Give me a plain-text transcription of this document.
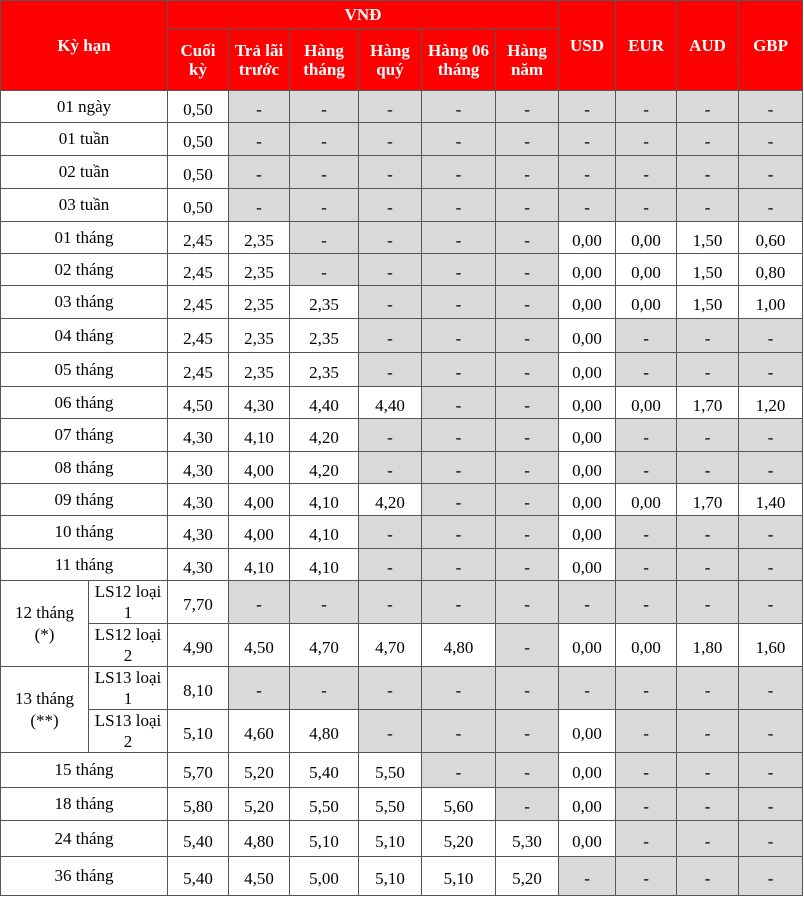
Kỳ hạn		VNĐ						USD	EUR	AUD	GBP
		Cuối kỳ	Trả lãi trước	Hàng tháng	Hàng quý	Hàng 06 tháng	Hàng năm				
01 ngày		0,50	-	-	-	-	-	-	-	-	-
01 tuần		0,50	-	-	-	-	-	-	-	-	-
02 tuần		0,50	-	-	-	-	-	-	-	-	-
03 tuần		0,50	-	-	-	-	-	-	-	-	-
01 tháng		2,45	2,35	-	-	-	-	0,00	0,00	1,50	0,60
02 tháng		2,45	2,35	-	-	-	-	0,00	0,00	1,50	0,80
03 tháng		2,45	2,35	2,35	-	-	-	0,00	0,00	1,50	1,00
04 tháng		2,45	2,35	2,35	-	-	-	0,00	-	-	-
05 tháng		2,45	2,35	2,35	-	-	-	0,00	-	-	-
06 tháng		4,50	4,30	4,40	4,40	-	-	0,00	0,00	1,70	1,20
07 tháng		4,30	4,10	4,20	-	-	-	0,00	-	-	-
08 tháng		4,30	4,00	4,20	-	-	-	0,00	-	-	-
09 tháng		4,30	4,00	4,10	4,20	-	-	0,00	0,00	1,70	1,40
10 tháng		4,30	4,00	4,10	-	-	-	0,00	-	-	-
11 tháng		4,30	4,10	4,10	-	-	-	0,00	-	-	-
12 tháng (*)	LS12 loại 1	7,70	-	-	-	-	-	-	-	-	-
	LS12 loại 2	4,90	4,50	4,70	4,70	4,80	-	0,00	0,00	1,80	1,60
13 tháng (**)	LS13 loại 1	8,10	-	-	-	-	-	-	-	-	-
	LS13 loại 2	5,10	4,60	4,80	-	-	-	0,00	-	-	-
15 tháng		5,70	5,20	5,40	5,50	-	-	0,00	-	-	-
18 tháng		5,80	5,20	5,50	5,50	5,60	-	0,00	-	-	-
24 tháng		5,40	4,80	5,10	5,10	5,20	5,30	0,00	-	-	-
36 tháng		5,40	4,50	5,00	5,10	5,10	5,20	-	-	-	-
